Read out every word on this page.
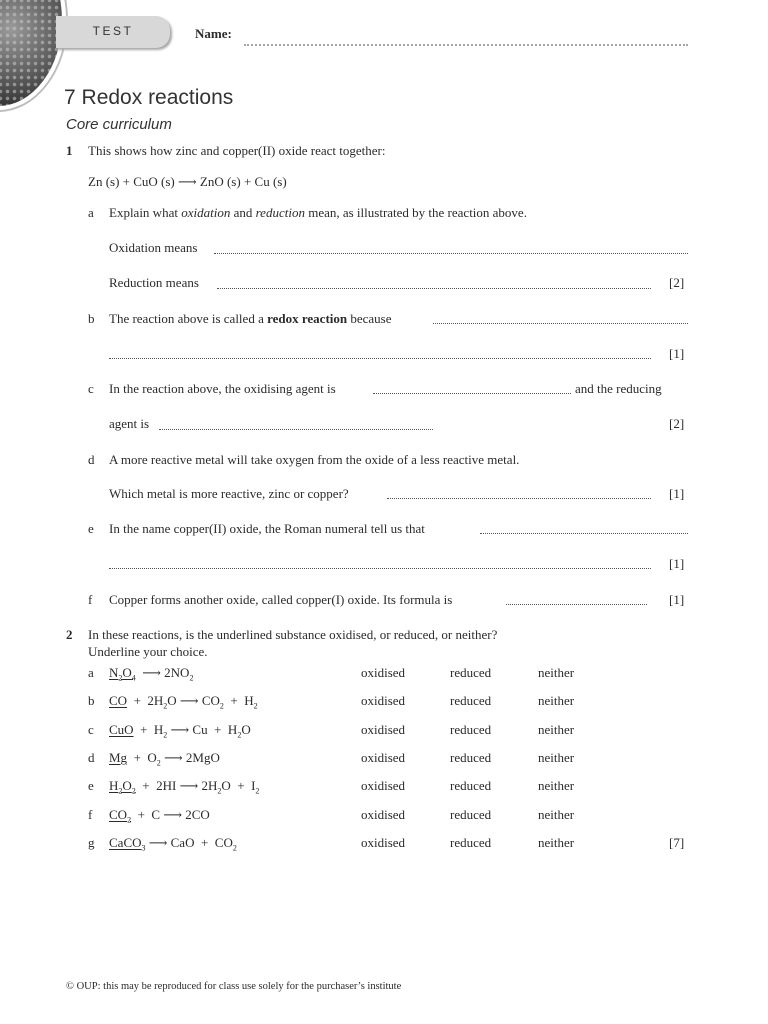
TEST	Name:
7 Redox reactions
Core curriculum
1 This shows how zinc and copper(II) oxide react together:
Zn (s) + CuO (s) ⟶ ZnO (s) + Cu (s)
a Explain what oxidation and reduction mean, as illustrated by the reaction above.
Oxidation means
Reduction means	[2]
b The reaction above is called a redox reaction because
[1]
c In the reaction above, the oxidising agent is	and the reducing
agent is	[2]
d A more reactive metal will take oxygen from the oxide of a less reactive metal.
Which metal is more reactive, zinc or copper?	[1]
e In the name copper(II) oxide, the Roman numeral tell us that
[1]
f Copper forms another oxide, called copper(I) oxide. Its formula is	[1]
2 In these reactions, is the underlined substance oxidised, or reduced, or neither?
Underline your choice.
a $N_2O_4$  ⟶ $2NO_2$	oxidised	reduced	neither
b CO  +  $2H_2O$ ⟶ $CO_2 + H_2$	oxidised	reduced	neither
c CuO  +  $H_2$ ⟶ $Cu + H_2O$	oxidised	reduced	neither
d $Mg + O_2$ ⟶ 2MgO	oxidised	reduced	neither
e $H_2O_2 + 2HI$ ⟶ $2H_2O + I_2$	oxidised	reduced	neither
f $CO_2 + C$ ⟶ 2CO	oxidised	reduced	neither
g CaCO$_3$ ⟶ CaO  +  $CO_2$	oxidised	reduced	neither	[7]
© OUP: this may be reproduced for class use solely for the purchaser’s institute
